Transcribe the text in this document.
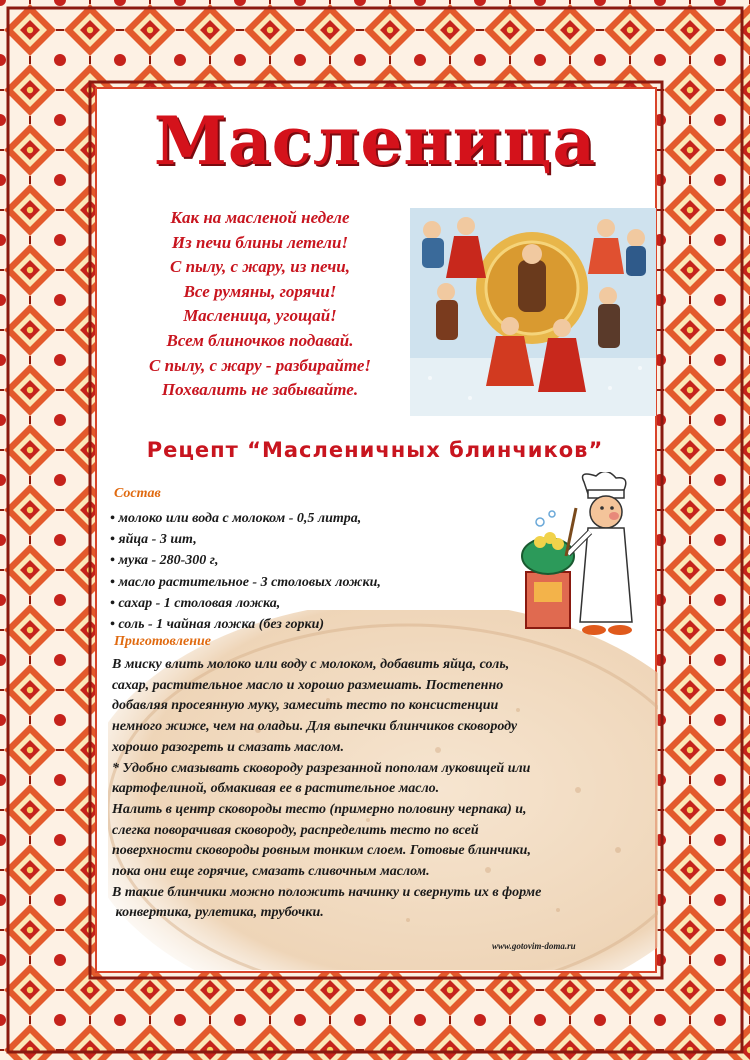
Масленица
Как на масленой неделе
Из печи блины летели!
С пылу, с жару, из печи,
Все румяны, горячи!
Масленица, угощай!
Всем блиночков подавай.
С пылу, с жару - разбирайте!
Похвалить не забывайте.
Рецепт “Масленичных блинчиков”
Состав
• молоко или вода с молоком - 0,5 литра,
• яйца - 3 шт,
• мука - 280-300 г,
• масло растительное - 3 столовых ложки,
• сахар - 1 столовая ложка,
• соль - 1 чайная ложка (без горки)
Приготовление
В миску влить молоко или воду с молоком, добавить яйца, соль,
сахар, растительное масло и хорошо размешать. Постепенно
добавляя просеянную муку, замесить тесто по консистенции
немного жиже, чем на оладьи. Для выпечки блинчиков сковороду
хорошо разогреть и смазать маслом.
* Удобно смазывать сковороду разрезанной пополам луковицей или
картофелиной, обмакивая ее в растительное масло.
Налить в центр сковороды тесто (примерно половину черпака) и,
слегка поворачивая сковороду, распределить тесто по всей
поверхности сковороды ровным тонким слоем. Готовые блинчики,
пока они еще горячие, смазать сливочным маслом.
В такие блинчики можно положить начинку и свернуть их в форме
конвертика, рулетика, трубочки.
www.gotovim-doma.ru
